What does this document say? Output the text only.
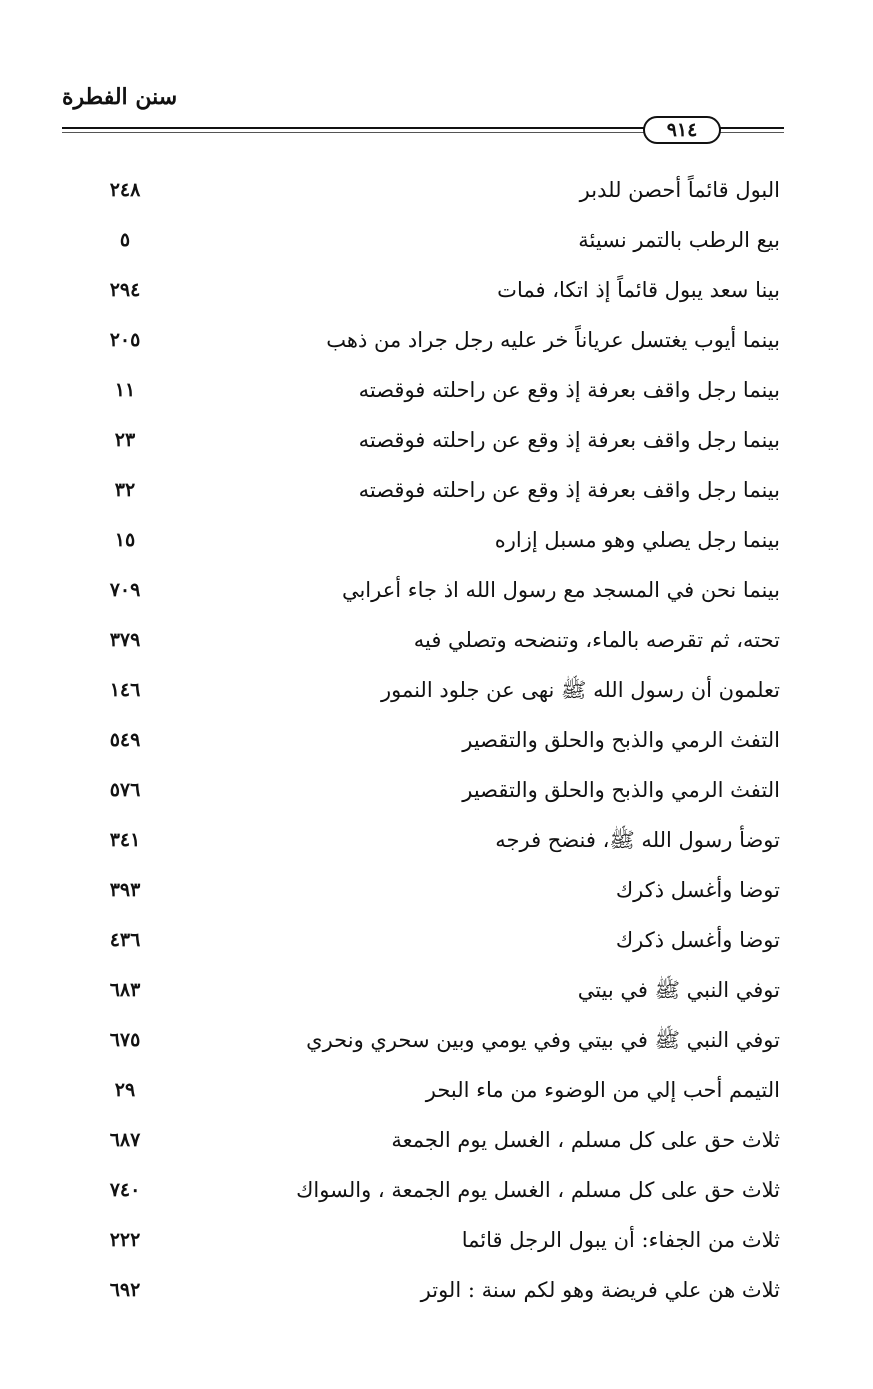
سنن الفطرة
٩١٤
البول قائماً أحصن للدبر
٢٤٨
بيع الرطب بالتمر نسيئة
٥
بينا سعد يبول قائماً إذ اتكا، فمات
٢٩٤
بينما أيوب يغتسل عرياناً خر عليه رجل جراد من ذهب
٢٠٥
بينما رجل واقف بعرفة إذ وقع عن راحلته فوقصته
١١
بينما رجل واقف بعرفة إذ وقع عن راحلته فوقصته
٢٣
بينما رجل واقف بعرفة إذ وقع عن راحلته فوقصته
٣٢
بينما رجل يصلي وهو مسبل إزاره
١٥
بينما نحن في المسجد مع رسول الله اذ جاء أعرابي
٧٠٩
تحته، ثم تقرصه بالماء، وتنضحه وتصلي فيه
٣٧٩
تعلمون أن رسول الله ﷺ نهى عن جلود النمور
١٤٦
التفث الرمي والذبح والحلق والتقصير
٥٤٩
التفث الرمي والذبح والحلق والتقصير
٥٧٦
توضأ رسول الله ﷺ، فنضح فرجه
٣٤١
توضا وأغسل ذكرك
٣٩٣
توضا وأغسل ذكرك
٤٣٦
توفي النبي ﷺ في بيتي
٦٨٣
توفي النبي ﷺ في بيتي وفي يومي وبين سحري ونحري
٦٧٥
التيمم أحب إلي من الوضوء من ماء البحر
٢٩
ثلاث حق على كل مسلم ، الغسل يوم الجمعة
٦٨٧
ثلاث حق على كل مسلم ، الغسل يوم الجمعة ، والسواك
٧٤٠
ثلاث من الجفاء: أن يبول الرجل قائما
٢٢٢
ثلاث هن علي فريضة وهو لكم سنة : الوتر
٦٩٢
